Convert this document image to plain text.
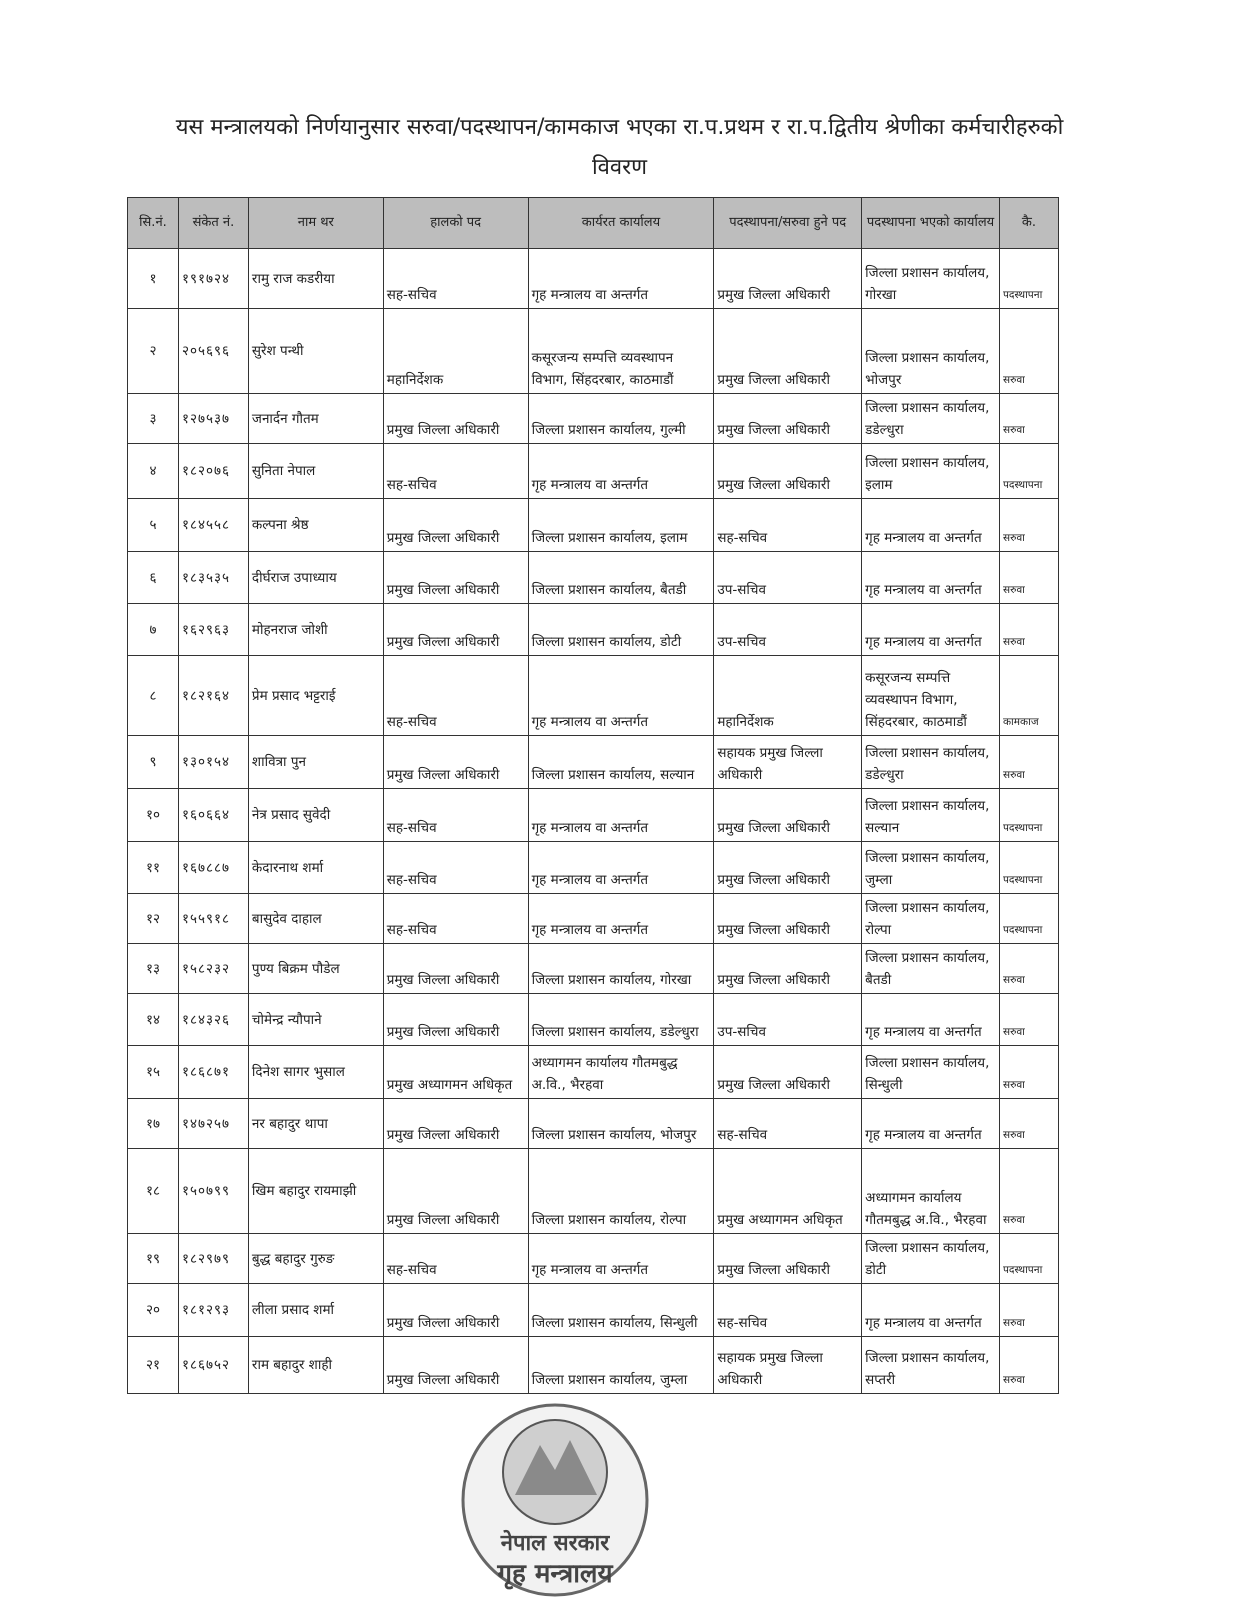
यस मन्त्रालयको निर्णयानुसार सरुवा/पदस्थापन/कामकाज भएका रा.प.प्रथम र रा.प.द्वितीय श्रेणीका कर्मचारीहरुको
विवरण
सि.नं.	संकेत नं.	नाम थर	हालको पद	कार्यरत कार्यालय	पदस्थापना/सरुवा हुने पद	पदस्थापना भएको कार्यालय	कै.
१	१९१७२४	रामु राज कडरीया	सह-सचिव	गृह मन्त्रालय वा अन्तर्गत	प्रमुख जिल्ला अधिकारी	जिल्ला प्रशासन कार्यालय, गोरखा	पदस्थापना
२	२०५६९६	सुरेश पन्थी	महानिर्देशक	कसूरजन्य सम्पत्ति व्यवस्थापन विभाग, सिंहदरबार, काठमाडौं	प्रमुख जिल्ला अधिकारी	जिल्ला प्रशासन कार्यालय, भोजपुर	सरुवा
३	१२७५३७	जनार्दन गौतम	प्रमुख जिल्ला अधिकारी	जिल्ला प्रशासन कार्यालय, गुल्मी	प्रमुख जिल्ला अधिकारी	जिल्ला प्रशासन कार्यालय, डडेल्धुरा	सरुवा
४	१८२०७६	सुनिता नेपाल	सह-सचिव	गृह मन्त्रालय वा अन्तर्गत	प्रमुख जिल्ला अधिकारी	जिल्ला प्रशासन कार्यालय, इलाम	पदस्थापना
५	१८४५५८	कल्पना श्रेष्ठ	प्रमुख जिल्ला अधिकारी	जिल्ला प्रशासन कार्यालय, इलाम	सह-सचिव	गृह मन्त्रालय वा अन्तर्गत	सरुवा
६	१८३५३५	दीर्घराज उपाध्याय	प्रमुख जिल्ला अधिकारी	जिल्ला प्रशासन कार्यालय, बैतडी	उप-सचिव	गृह मन्त्रालय वा अन्तर्गत	सरुवा
७	१६२९६३	मोहनराज जोशी	प्रमुख जिल्ला अधिकारी	जिल्ला प्रशासन कार्यालय, डोटी	उप-सचिव	गृह मन्त्रालय वा अन्तर्गत	सरुवा
८	१८२१६४	प्रेम प्रसाद भट्टराई	सह-सचिव	गृह मन्त्रालय वा अन्तर्गत	महानिर्देशक	कसूरजन्य सम्पत्ति व्यवस्थापन विभाग, सिंहदरबार, काठमाडौं	कामकाज
९	१३०१५४	शावित्रा पुन	प्रमुख जिल्ला अधिकारी	जिल्ला प्रशासन कार्यालय, सल्यान	सहायक प्रमुख जिल्ला अधिकारी	जिल्ला प्रशासन कार्यालय, डडेल्धुरा	सरुवा
१०	१६०६६४	नेत्र प्रसाद सुवेदी	सह-सचिव	गृह मन्त्रालय वा अन्तर्गत	प्रमुख जिल्ला अधिकारी	जिल्ला प्रशासन कार्यालय, सल्यान	पदस्थापना
११	१६७८८७	केदारनाथ शर्मा	सह-सचिव	गृह मन्त्रालय वा अन्तर्गत	प्रमुख जिल्ला अधिकारी	जिल्ला प्रशासन कार्यालय, जुम्ला	पदस्थापना
१२	१५५९१८	बासुदेव दाहाल	सह-सचिव	गृह मन्त्रालय वा अन्तर्गत	प्रमुख जिल्ला अधिकारी	जिल्ला प्रशासन कार्यालय, रोल्पा	पदस्थापना
१३	१५८२३२	पुण्य बिक्रम पौडेल	प्रमुख जिल्ला अधिकारी	जिल्ला प्रशासन कार्यालय, गोरखा	प्रमुख जिल्ला अधिकारी	जिल्ला प्रशासन कार्यालय, बैतडी	सरुवा
१४	१८४३२६	चोमेन्द्र न्यौपाने	प्रमुख जिल्ला अधिकारी	जिल्ला प्रशासन कार्यालय, डडेल्धुरा	उप-सचिव	गृह मन्त्रालय वा अन्तर्गत	सरुवा
१५	१८६८७१	दिनेश सागर भुसाल	प्रमुख अध्यागमन अधिकृत	अध्यागमन कार्यालय गौतमबुद्ध अ.वि., भैरहवा	प्रमुख जिल्ला अधिकारी	जिल्ला प्रशासन कार्यालय, सिन्धुली	सरुवा
१७	१४७२५७	नर बहादुर थापा	प्रमुख जिल्ला अधिकारी	जिल्ला प्रशासन कार्यालय, भोजपुर	सह-सचिव	गृह मन्त्रालय वा अन्तर्गत	सरुवा
१८	१५०७९९	खिम बहादुर रायमाझी	प्रमुख जिल्ला अधिकारी	जिल्ला प्रशासन कार्यालय, रोल्पा	प्रमुख अध्यागमन अधिकृत	अध्यागमन कार्यालय गौतमबुद्ध अ.वि., भैरहवा	सरुवा
१९	१८२९७९	बुद्ध बहादुर गुरुङ	सह-सचिव	गृह मन्त्रालय वा अन्तर्गत	प्रमुख जिल्ला अधिकारी	जिल्ला प्रशासन कार्यालय, डोटी	पदस्थापना
२०	१८१२९३	लीला प्रसाद शर्मा	प्रमुख जिल्ला अधिकारी	जिल्ला प्रशासन कार्यालय, सिन्धुली	सह-सचिव	गृह मन्त्रालय वा अन्तर्गत	सरुवा
२१	१८६७५२	राम बहादुर शाही	प्रमुख जिल्ला अधिकारी	जिल्ला प्रशासन कार्यालय, जुम्ला	सहायक प्रमुख जिल्ला अधिकारी	जिल्ला प्रशासन कार्यालय, सप्तरी	सरुवा
नेपाल सरकार
गृह मन्त्रालय
